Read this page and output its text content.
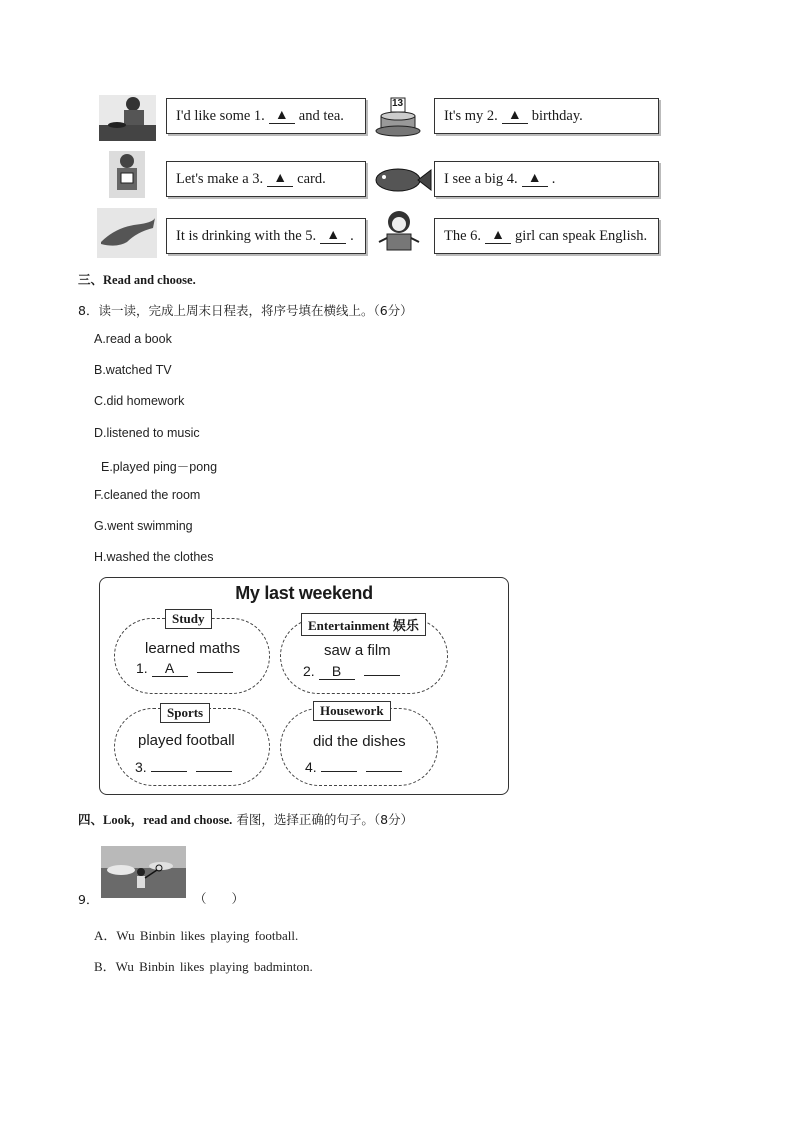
I'd like some 1. ▲ and tea.
13
It's my 2. ▲ birthday.
Let's make a 3. ▲ card.	I see a big 4. ▲ .
It is drinking with the 5. ▲ .	The 6. ▲ girl can speak English.
三、Read and choose.
8．读一读，完成上周末日程表，将序号填在横线上。（6分）
A.read a book
B.watched TV
C.did homework
D.listened to music
E.played ping－pong
F.cleaned the room
G.went swimming
H.washed the clothes
My last weekend
Study
learned maths
1. A
Entertainment 娱乐
saw a film
2. B
Sports
played football
3.
Housework
did the dishes
4.
四、Look，read and choose. 看图，选择正确的句子。（8分）
9．	（　　）
A．Wu Binbin likes playing football.
B．Wu Binbin likes playing badminton.
